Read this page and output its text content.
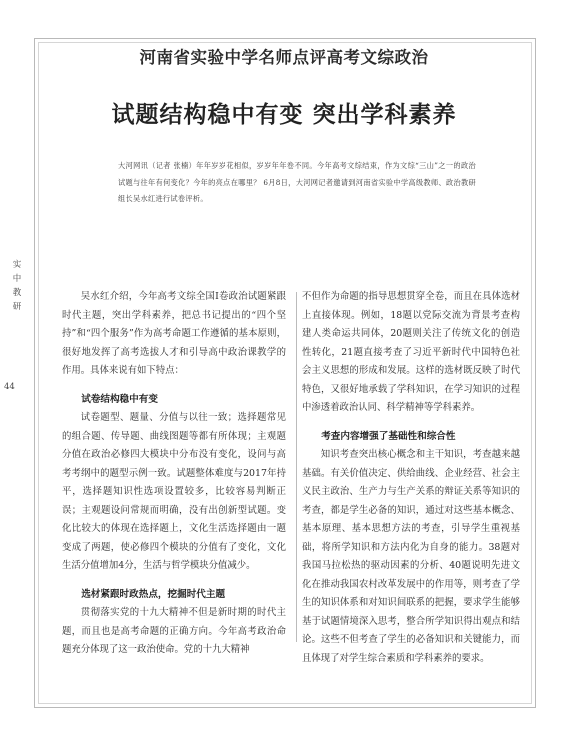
河南省实验中学名师点评高考文综政治
试题结构稳中有变 突出学科素养
大河网讯（记者 张楠）年年岁岁花相似，岁岁年年卷不同。今年高考文综结束，作为文综“三山”之一的政治试题与往年有何变化？今年的亮点在哪里？ 6月8日，大河网记者邀请到河南省实验中学高级教师、政治教研组长吴水红进行试卷评析。
实
中
教
研
44

吴水红介绍，今年高考文综全国Ⅰ卷政治试题紧跟时代主题，突出学科素养，把总书记提出的“四个坚持”和“四个服务”作为高考命题工作遵循的基本原则，很好地发挥了高考选拔人才和引导高中政治课教学的作用。具体来说有如下特点：

试卷结构稳中有变

试卷题型、题量、分值与以往一致；选择题常见的组合题、传导题、曲线图题等都有所体现；主观题分值在政治必修四大模块中分布没有变化，设问与高考考纲中的题型示例一致。试题整体难度与2017年持平，选择题知识性选项设置较多，比较容易判断正误；主观题设问常规而明确，没有出创新型试题。变化比较大的体现在选择题上，文化生活选择题由一题变成了两题，使必修四个模块的分值有了变化，文化生活分值增加4分，生活与哲学模块分值减少。

选材紧跟时政热点，挖掘时代主题

贯彻落实党的十九大精神不但是新时期的时代主题，而且也是高考命题的正确方向。今年高考政治命题充分体现了这一政治使命。党的十九大精神

不但作为命题的指导思想贯穿全卷，而且在具体选材上直接体现。例如，18题以党际交流为背景考查构建人类命运共同体，20题则关注了传统文化的创造性转化，21题直接考查了习近平新时代中国特色社会主义思想的形成和发展。这样的选材既反映了时代特色，又很好地承载了学科知识，在学习知识的过程中渗透着政治认同、科学精神等学科素养。

考查内容增强了基础性和综合性

知识考查突出核心概念和主干知识，考查越来越基础。有关价值决定、供给曲线、企业经营、社会主义民主政治、生产力与生产关系的辩证关系等知识的考查，都是学生必备的知识，通过对这些基本概念、基本原理、基本思想方法的考查，引导学生重视基础，将所学知识和方法内化为自身的能力。38题对我国马拉松热的驱动因素的分析、40题说明先进文化在推动我国农村改革发展中的作用等，则考查了学生的知识体系和对知识间联系的把握，要求学生能够基于试题情境深入思考，整合所学知识得出观点和结论。这些不但考查了学生的必备知识和关键能力，而且体现了对学生综合素质和学科素养的要求。
